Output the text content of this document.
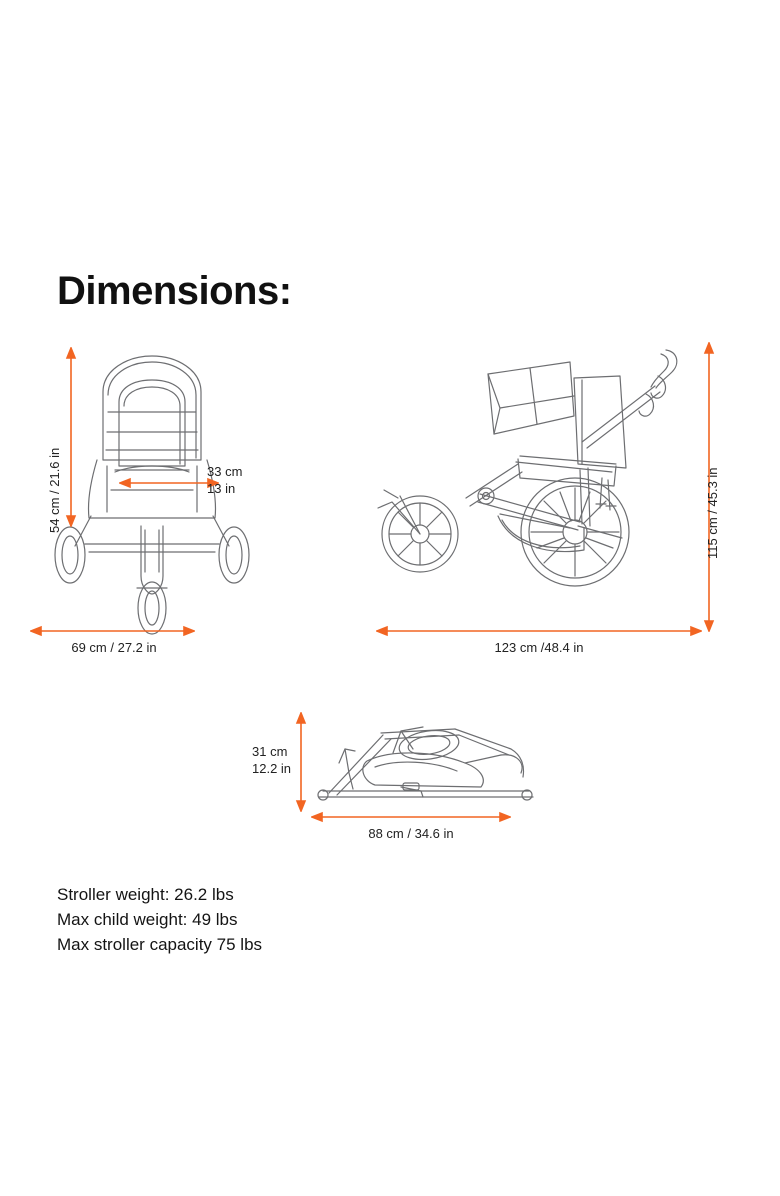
Dimensions:
54 cm / 21.6 in	33 cm
13 in
69 cm / 27.2 in
115 cm / 45.3 in
123 cm /48.4 in
31 cm
12.2 in
88 cm / 34.6 in
Stroller weight: 26.2 lbs
Max child weight: 49 lbs
Max stroller capacity 75 lbs
